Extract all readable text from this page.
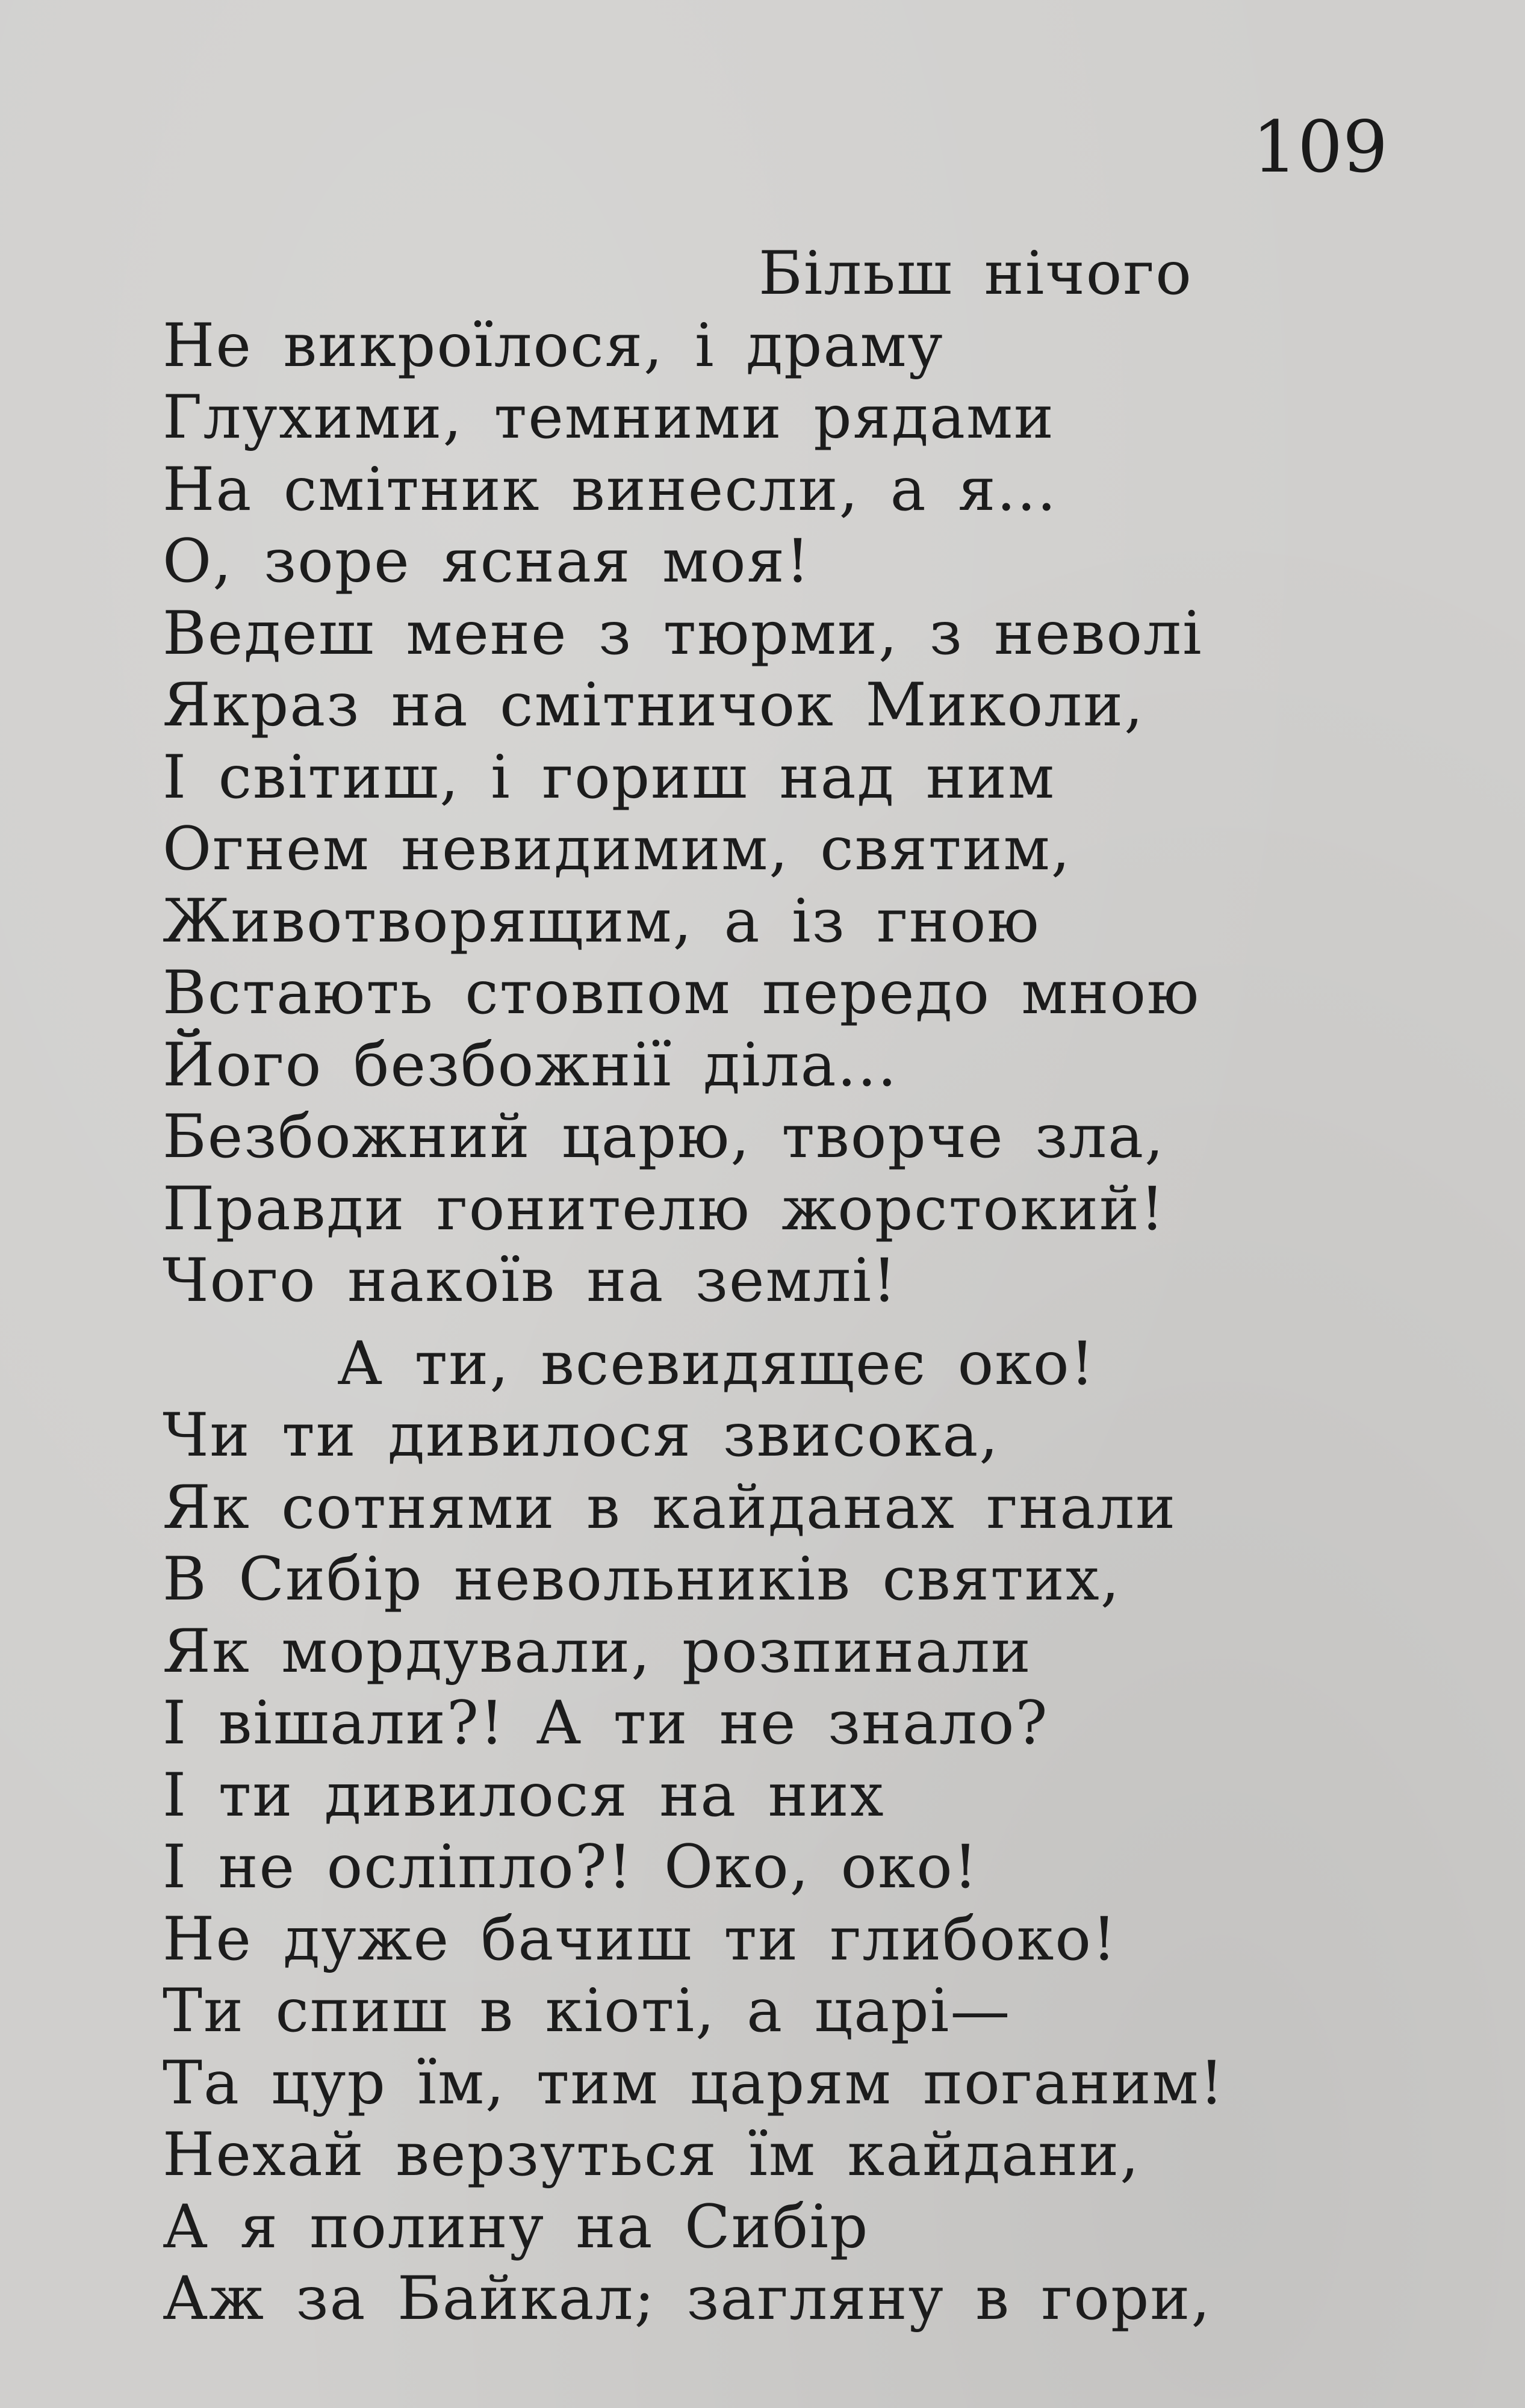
109
Більш нічого
Не викроїлося, і драму
Глухими, темними рядами
На смітник винесли, а я...
О, зоре ясная моя!
Ведеш мене з тюрми, з неволі
Якраз на смітничок Миколи,
І світиш, і гориш над ним
Огнем невидимим, святим,
Животворящим, а із гною
Встають стовпом передо мною
Його безбожнії діла...
Безбожний царю, творче зла,
Правди гонителю жорстокий!
Чого накоїв на землі!
А ти, всевидящеє око!
Чи ти дивилося звисока,
Як сотнями в кайданах гнали
В Сибір невольників святих,
Як мордували, розпинали
І вішали?! А ти не знало?
І ти дивилося на них
І не осліпло?! Око, око!
Не дуже бачиш ти глибоко!
Ти спиш в кіоті, а царі—
Та цур їм, тим царям поганим!
Нехай верзуться їм кайдани,
А я полину на Сибір
Аж за Байкал; загляну в гори,
